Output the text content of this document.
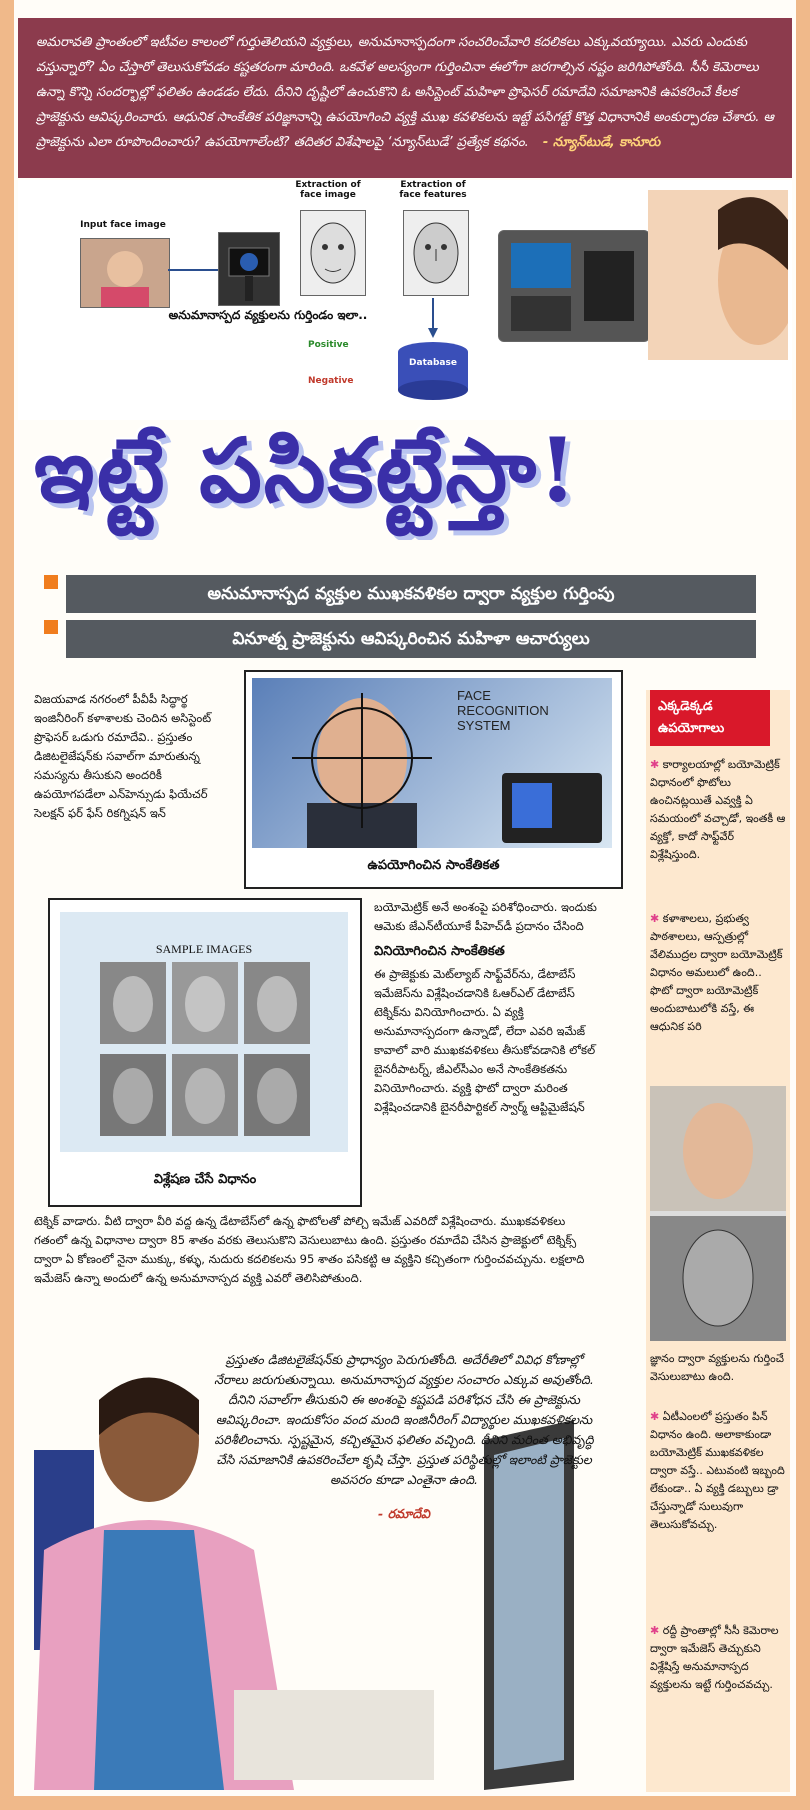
అమరావతి ప్రాంతంలో ఇటీవల కాలంలో గుర్తుతెలియని వ్యక్తులు, అనుమానాస్పదంగా సంచరించేవారి కదలికలు ఎక్కువయ్యాయి. ఎవరు ఎందుకు వస్తున్నారో? ఏం చేస్తారో తెలుసుకోవడం కష్టతరంగా మారింది. ఒకవేళ అలస్యంగా గుర్తించినా ఈలోగా జరగాల్సిన నష్టం జరిగిపోతోంది. సీసీ కెమెరాలు ఉన్నా కొన్ని సందర్భాల్లో ఫలితం ఉండడం లేదు. దీనిని దృష్టిలో ఉంచుకొని ఓ అసిస్టెంట్ మహిళా ప్రొఫెసర్ రమాదేవి సమాజానికి ఉపకరించే కీలక ప్రాజెక్టును ఆవిష్కరించారు. ఆధునిక సాంకేతిక పరిజ్ఞానాన్ని ఉపయోగించి వ్యక్తి ముఖ కవళికలను ఇట్టే పసిగట్టే కొత్త విధానానికి అంకుర్పారణ చేశారు. ఆ ప్రాజెక్టును ఎలా రూపొందించారు? ఉపయోగాలేంటి? తదితర విశేషాలపై ‘న్యూస్‌టుడే’ ప్రత్యేక కథనం. - న్యూస్‌టుడే, కానూరు
Input face image
Extraction of face image
Extraction of face features
అనుమానాస్పద వ్యక్తులను గుర్తిండం ఇలా..
Database
Positive
Negative
ఇట్టే పసికట్టేస్తా!
అనుమానాస్పద వ్యక్తుల ముఖకవళికల ద్వారా వ్యక్తుల గుర్తింపు
వినూత్న ప్రాజెక్టును ఆవిష్కరించిన మహిళా ఆచార్యులు
విజయవాడ నగరంలో పీవీపీ సిద్ధార్థ ఇంజినీరింగ్ కళాశాలకు చెందిన అసిస్టెంట్ ప్రొఫెసర్ ఒడుగు రమాదేవి.. ప్రస్తుతం డిజిటలైజేషన్‌కు సవాల్‌గా మారుతున్న సమస్యను తీసుకుని అందరికీ ఉపయోగపడేలా ఎన్‌హెన్సుడు ఫియేచర్ సెలక్షన్ ఫర్ ఫేస్ రికగ్నిషన్ ఇన్
FACE
RECOGNITION
SYSTEM
ఉపయోగించిన సాంకేతికత
SAMPLE IMAGES
విశ్లేషణ చేసే విధానం

బయోమెట్రిక్ అనే అంశంపై పరిశోధించారు. ఇందుకు ఆమెకు జేఎన్‌టీయూకే పీహెచ్‌డీ ప్రదానం చేసింది

వినియోగించిన సాంకేతికత

ఈ ప్రాజెక్టుకు మెట్‌ల్యాబ్ సాఫ్ట్‌వేర్‌ను, డేటాబేస్ ఇమేజెస్‌ను విశ్లేషించడానికి ఓఆర్ఎల్ డేటాబేస్ టెక్నిక్‌ను వినియోగించారు. ఏ వ్యక్తి అనుమానాస్పదంగా ఉన్నాడో, లేదా ఎవరి ఇమేజ్ కావాలో వారి ముఖకవళికలు తీసుకోవడానికి లోకల్ బైనరీపాటర్న్, జీఎల్‌సీఎం అనే సాంకేతికతను వినియోగించారు. వ్యక్తి ఫొటో ద్వారా మరింత విశ్లేషించడానికి బైనరీపార్టికల్ స్వార్మ్ ఆప్టిమైజేషన్

టెక్నిక్ వాడారు. వీటి ద్వారా వీరి వద్ద ఉన్న డేటాబేస్‌లో ఉన్న ఫొటోలతో పోల్చి ఇమేజ్ ఎవరిదో విశ్లేషించారు. ముఖకవళికలు గతంలో ఉన్న విధానాల ద్వారా 85 శాతం వరకు తెలుసుకొని వెసులుబాటు ఉంది. ప్రస్తుతం రమాదేవి చేసిన ప్రాజెక్టులో టెక్నిక్స్ ద్వారా ఏ కోణంలో నైనా ముక్కు, కళ్ళు, నుదురు కదలికలను 95 శాతం పసికట్టి ఆ వ్యక్తిని కచ్చితంగా గుర్తించవచ్చును. లక్షలాది ఇమేజెస్ ఉన్నా అందులో ఉన్న అనుమానాస్పద వ్యక్తి ఎవరో తెలిసిపోతుంది.
ప్రస్తుతం డిజిటలైజేషన్‌కు ప్రాధాన్యం పెరుగుతోంది. అదేరీతిలో వివిధ కోణాల్లో నేరాలు జరుగుతున్నాయి. అనుమానాస్పద వ్యక్తుల సంచారం ఎక్కువ అవుతోంది. దీనిని సవాల్‌గా తీసుకుని ఈ అంశంపై కష్టపడి పరిశోధన చేసి ఈ ప్రాజెక్టును ఆవిష్కరించా. ఇందుకోసం వంద మంది ఇంజినీరింగ్ విద్యార్థుల ముఖకవళికలను పరిశీలించాను. స్పష్టమైన, కచ్చితమైన ఫలితం వచ్చింది. దీనిని మరింత అభివృద్ధి చేసి సమాజానికి ఉపకరించేలా కృషి చేస్తా. ప్రస్తుత పరిస్థితుల్లో ఇలాంటి ప్రాజెక్టుల అవసరం కూడా ఎంతైనా ఉంది.
- రమాదేవి
ఎక్కడెక్కడ ఉపయోగాలు
✱ కార్యాలయాల్లో బయోమెట్రిక్ విధానంలో ఫొటోలు ఉంచినట్లయితే ఎవ్వక్తి ఏ సమయంలో వచ్చాడో, ఇంతకీ ఆ వ్యక్తో, కాదో సాఫ్ట్‌వేర్ విశ్లేషిస్తుంది.
✱ కళాశాలలు, ప్రభుత్వ పాఠశాలలు, ఆస్పత్రుల్లో వేలిముద్రల ద్వారా బయోమెట్రిక్ విధానం అమలులో ఉంది.. ఫొటో ద్వారా బయోమెట్రిక్ అందుబాటులోకి వస్తే, ఈ ఆధునిక పరి
జ్ఞానం ద్వారా వ్యక్తులను గుర్తించే వెసులుబాటు ఉంది.
✱ ఏటీఎంలలో ప్రస్తుతం పిన్ విధానం ఉంది. అలాకాకుండా బయోమెట్రిక్ ముఖకవళికల ద్వారా వస్తే.. ఎటువంటి ఇబ్బంది లేకుండా.. ఏ వ్యక్తి డబ్బులు డ్రా చేస్తున్నాడో సులువుగా తెలుసుకోవచ్చు.
✱ రద్దీ ప్రాంతాల్లో సీసీ కెమెరాల ద్వారా ఇమేజెస్ తెచ్చుకుని విశ్లేషిస్తే అనుమానాస్పద వ్యక్తులను ఇట్టే గుర్తించవచ్చు.
